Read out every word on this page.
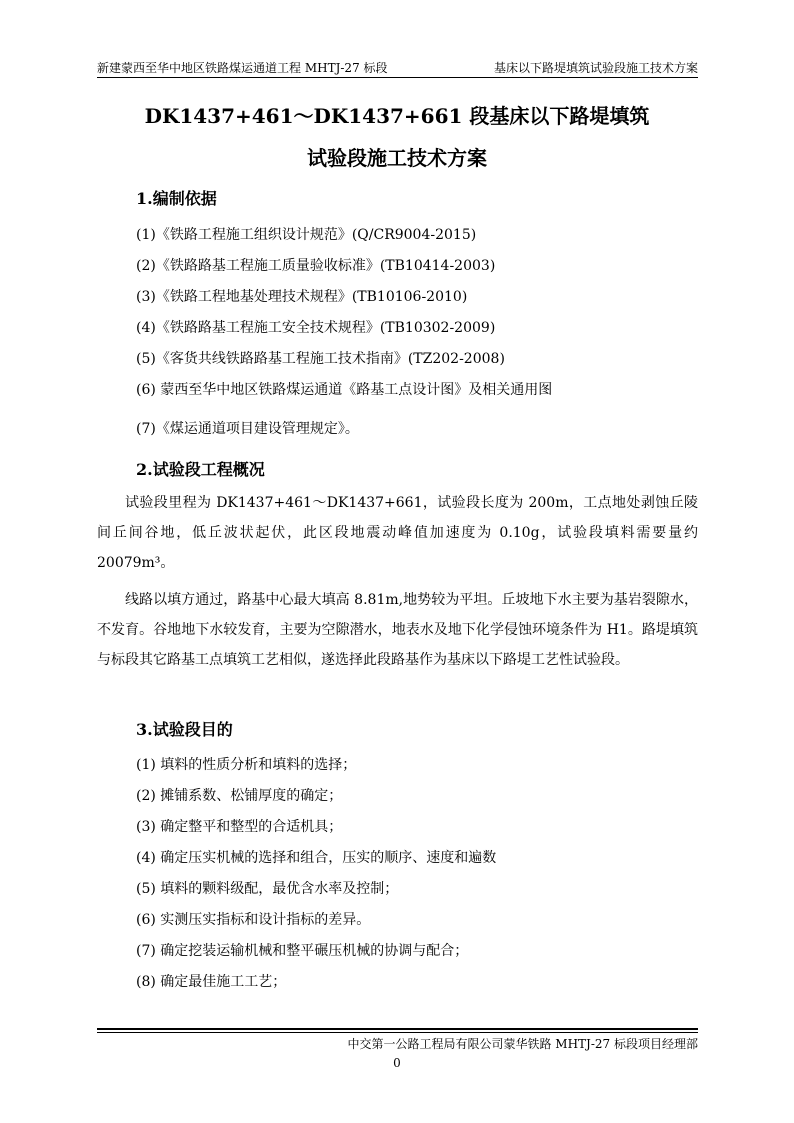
新建蒙西至华中地区铁路煤运通道工程 MHTJ-27 标段	基床以下路堤填筑试验段施工技术方案
DK1437+461～DK1437+661 段基床以下路堤填筑
试验段施工技术方案
1.编制依据
(1)《铁路工程施工组织设计规范》(Q/CR9004-2015)
(2)《铁路路基工程施工质量验收标准》(TB10414-2003)
(3)《铁路工程地基处理技术规程》(TB10106-2010)
(4)《铁路路基工程施工安全技术规程》(TB10302-2009)
(5)《客货共线铁路路基工程施工技术指南》(TZ202-2008)
(6) 蒙西至华中地区铁路煤运通道《路基工点设计图》及相关通用图
(7)《煤运通道项目建设管理规定》。
2.试验段工程概况

试验段里程为 DK1437+461～DK1437+661，试验段长度为 200m，工点地处剥蚀丘陵间丘间谷地，低丘波状起伏，此区段地震动峰值加速度为 0.10g，试验段填料需要量约 20079m³。

线路以填方通过，路基中心最大填高 8.81m,地势较为平坦。丘坡地下水主要为基岩裂隙水，不发育。谷地地下水较发育，主要为空隙潜水，地表水及地下化学侵蚀环境条件为 H1。路堤填筑与标段其它路基工点填筑工艺相似，遂选择此段路基作为基床以下路堤工艺性试验段。

3.试验段目的
(1) 填料的性质分析和填料的选择；
(2) 摊铺系数、松铺厚度的确定；
(3) 确定整平和整型的合适机具；
(4) 确定压实机械的选择和组合，压实的顺序、速度和遍数
(5) 填料的颗料级配，最优含水率及控制；
(6) 实测压实指标和设计指标的差异。
(7) 确定挖装运输机械和整平碾压机械的协调与配合；
(8) 确定最佳施工工艺；
中交第一公路工程局有限公司蒙华铁路 MHTJ-27 标段项目经理部
0
